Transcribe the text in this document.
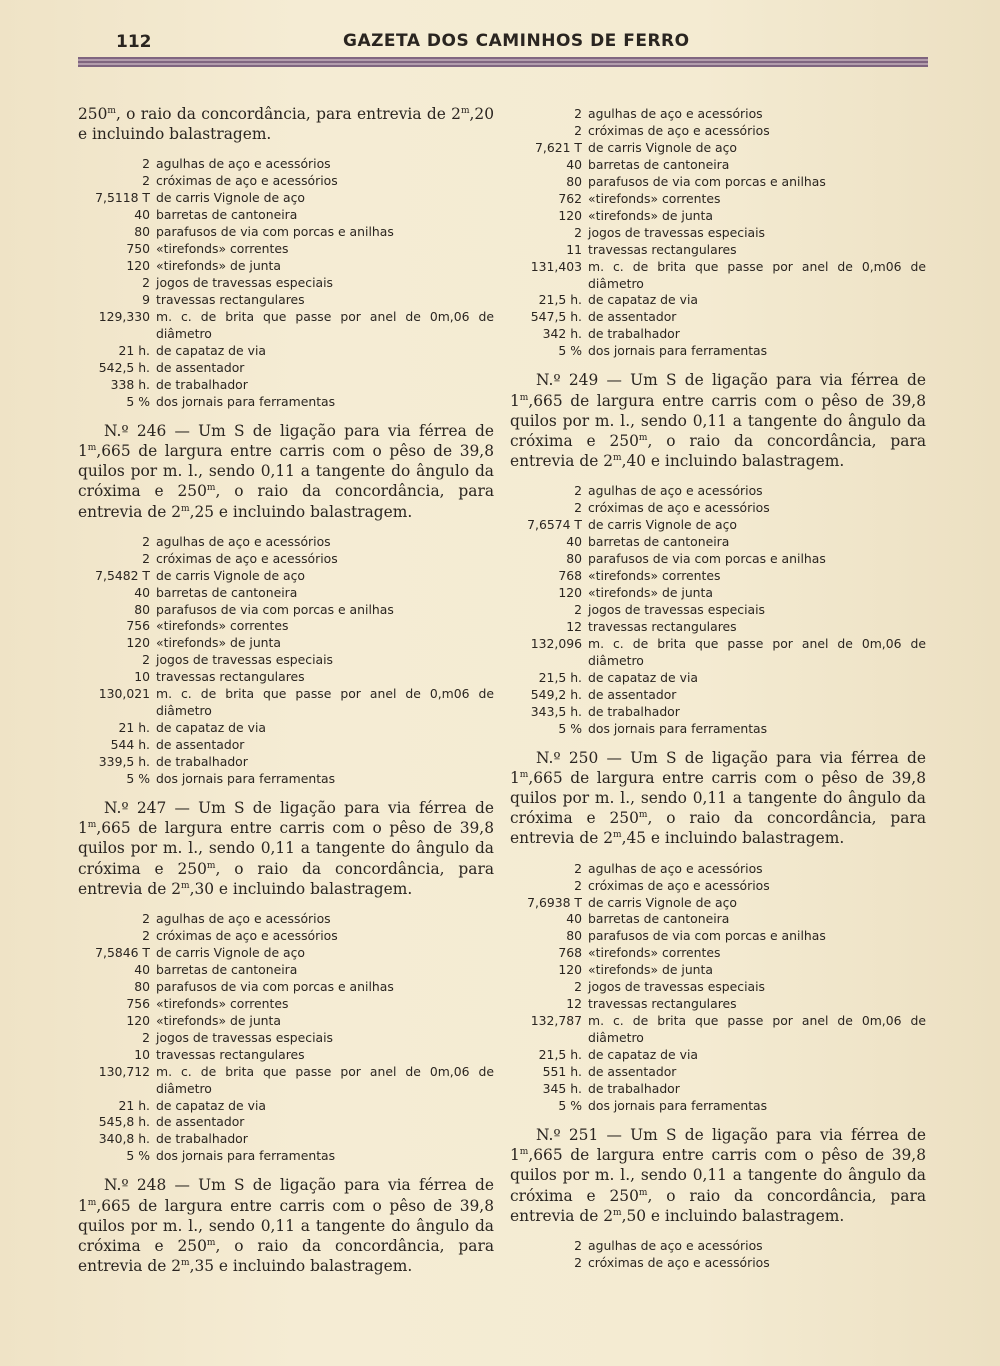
112	GAZETA DOS CAMINHOS DE FERRO

250$^m$, o raio da concordância, para entrevia de 2$^m$,20 e incluindo balastragem.

2 agulhas de aço e acessórios
2 cróximas de aço e acessórios
7,5118 T de carris Vignole de aço
40 barretas de cantoneira
80 parafusos de via com porcas e anilhas
750 «tirefonds» correntes
120 «tirefonds» de junta
2 jogos de travessas especiais
9 travessas rectangulares
129,330 m. c. de brita que passe por anel de 0m,06 de diâmetro
21 h. de capataz de via
542,5 h. de assentador
338 h. de trabalhador
5 % dos jornais para ferramentas

N.º 246 — Um S de ligação para via férrea de 1$^m$,665 de largura entre carris com o pêso de 39,8 quilos por m. l., sendo 0,11 a tangente do ângulo da cróxima e 250$^m$, o raio da concordância, para entrevia de 2$^m$,25 e incluindo balastragem.

2 agulhas de aço e acessórios
2 cróximas de aço e acessórios
7,5482 T de carris Vignole de aço
40 barretas de cantoneira
80 parafusos de via com porcas e anilhas
756 «tirefonds» correntes
120 «tirefonds» de junta
2 jogos de travessas especiais
10 travessas rectangulares
130,021 m. c. de brita que passe por anel de 0,m06 de diâmetro
21 h. de capataz de via
544 h. de assentador
339,5 h. de trabalhador
5 % dos jornais para ferramentas

N.º 247 — Um S de ligação para via férrea de 1$^m$,665 de largura entre carris com o pêso de 39,8 quilos por m. l., sendo 0,11 a tangente do ângulo da cróxima e 250$^m$, o raio da concordância, para entrevia de 2$^m$,30 e incluindo balastragem.

2 agulhas de aço e acessórios
2 cróximas de aço e acessórios
7,5846 T de carris Vignole de aço
40 barretas de cantoneira
80 parafusos de via com porcas e anilhas
756 «tirefonds» correntes
120 «tirefonds» de junta
2 jogos de travessas especiais
10 travessas rectangulares
130,712 m. c. de brita que passe por anel de 0m,06 de diâmetro
21 h. de capataz de via
545,8 h. de assentador
340,8 h. de trabalhador
5 % dos jornais para ferramentas

N.º 248 — Um S de ligação para via férrea de 1$^m$,665 de largura entre carris com o pêso de 39,8 quilos por m. l., sendo 0,11 a tangente do ângulo da cróxima e 250$^m$, o raio da concordância, para entrevia de 2$^m$,35 e incluindo balastragem.

2 agulhas de aço e acessórios
2 cróximas de aço e acessórios
7,621 T de carris Vignole de aço
40 barretas de cantoneira
80 parafusos de via com porcas e anilhas
762 «tirefonds» correntes
120 «tirefonds» de junta
2 jogos de travessas especiais
11 travessas rectangulares
131,403 m. c. de brita que passe por anel de 0,m06 de diâmetro
21,5 h. de capataz de via
547,5 h. de assentador
342 h. de trabalhador
5 % dos jornais para ferramentas

N.º 249 — Um S de ligação para via férrea de 1$^m$,665 de largura entre carris com o pêso de 39,8 quilos por m. l., sendo 0,11 a tangente do ângulo da cróxima e 250$^m$, o raio da concordância, para entrevia de 2$^m$,40 e incluindo balastragem.

2 agulhas de aço e acessórios
2 cróximas de aço e acessórios
7,6574 T de carris Vignole de aço
40 barretas de cantoneira
80 parafusos de via com porcas e anilhas
768 «tirefonds» correntes
120 «tirefonds» de junta
2 jogos de travessas especiais
12 travessas rectangulares
132,096 m. c. de brita que passe por anel de 0m,06 de diâmetro
21,5 h. de capataz de via
549,2 h. de assentador
343,5 h. de trabalhador
5 % dos jornais para ferramentas

N.º 250 — Um S de ligação para via férrea de 1$^m$,665 de largura entre carris com o pêso de 39,8 quilos por m. l., sendo 0,11 a tangente do ângulo da cróxima e 250$^m$, o raio da concordância, para entrevia de 2$^m$,45 e incluindo balastragem.

2 agulhas de aço e acessórios
2 cróximas de aço e acessórios
7,6938 T de carris Vignole de aço
40 barretas de cantoneira
80 parafusos de via com porcas e anilhas
768 «tirefonds» correntes
120 «tirefonds» de junta
2 jogos de travessas especiais
12 travessas rectangulares
132,787 m. c. de brita que passe por anel de 0m,06 de diâmetro
21,5 h. de capataz de via
551 h. de assentador
345 h. de trabalhador
5 % dos jornais para ferramentas

N.º 251 — Um S de ligação para via férrea de 1$^m$,665 de largura entre carris com o pêso de 39,8 quilos por m. l., sendo 0,11 a tangente do ângulo da cróxima e 250$^m$, o raio da concordância, para entrevia de 2$^m$,50 e incluindo balastragem.

2 agulhas de aço e acessórios
2 cróximas de aço e acessórios
